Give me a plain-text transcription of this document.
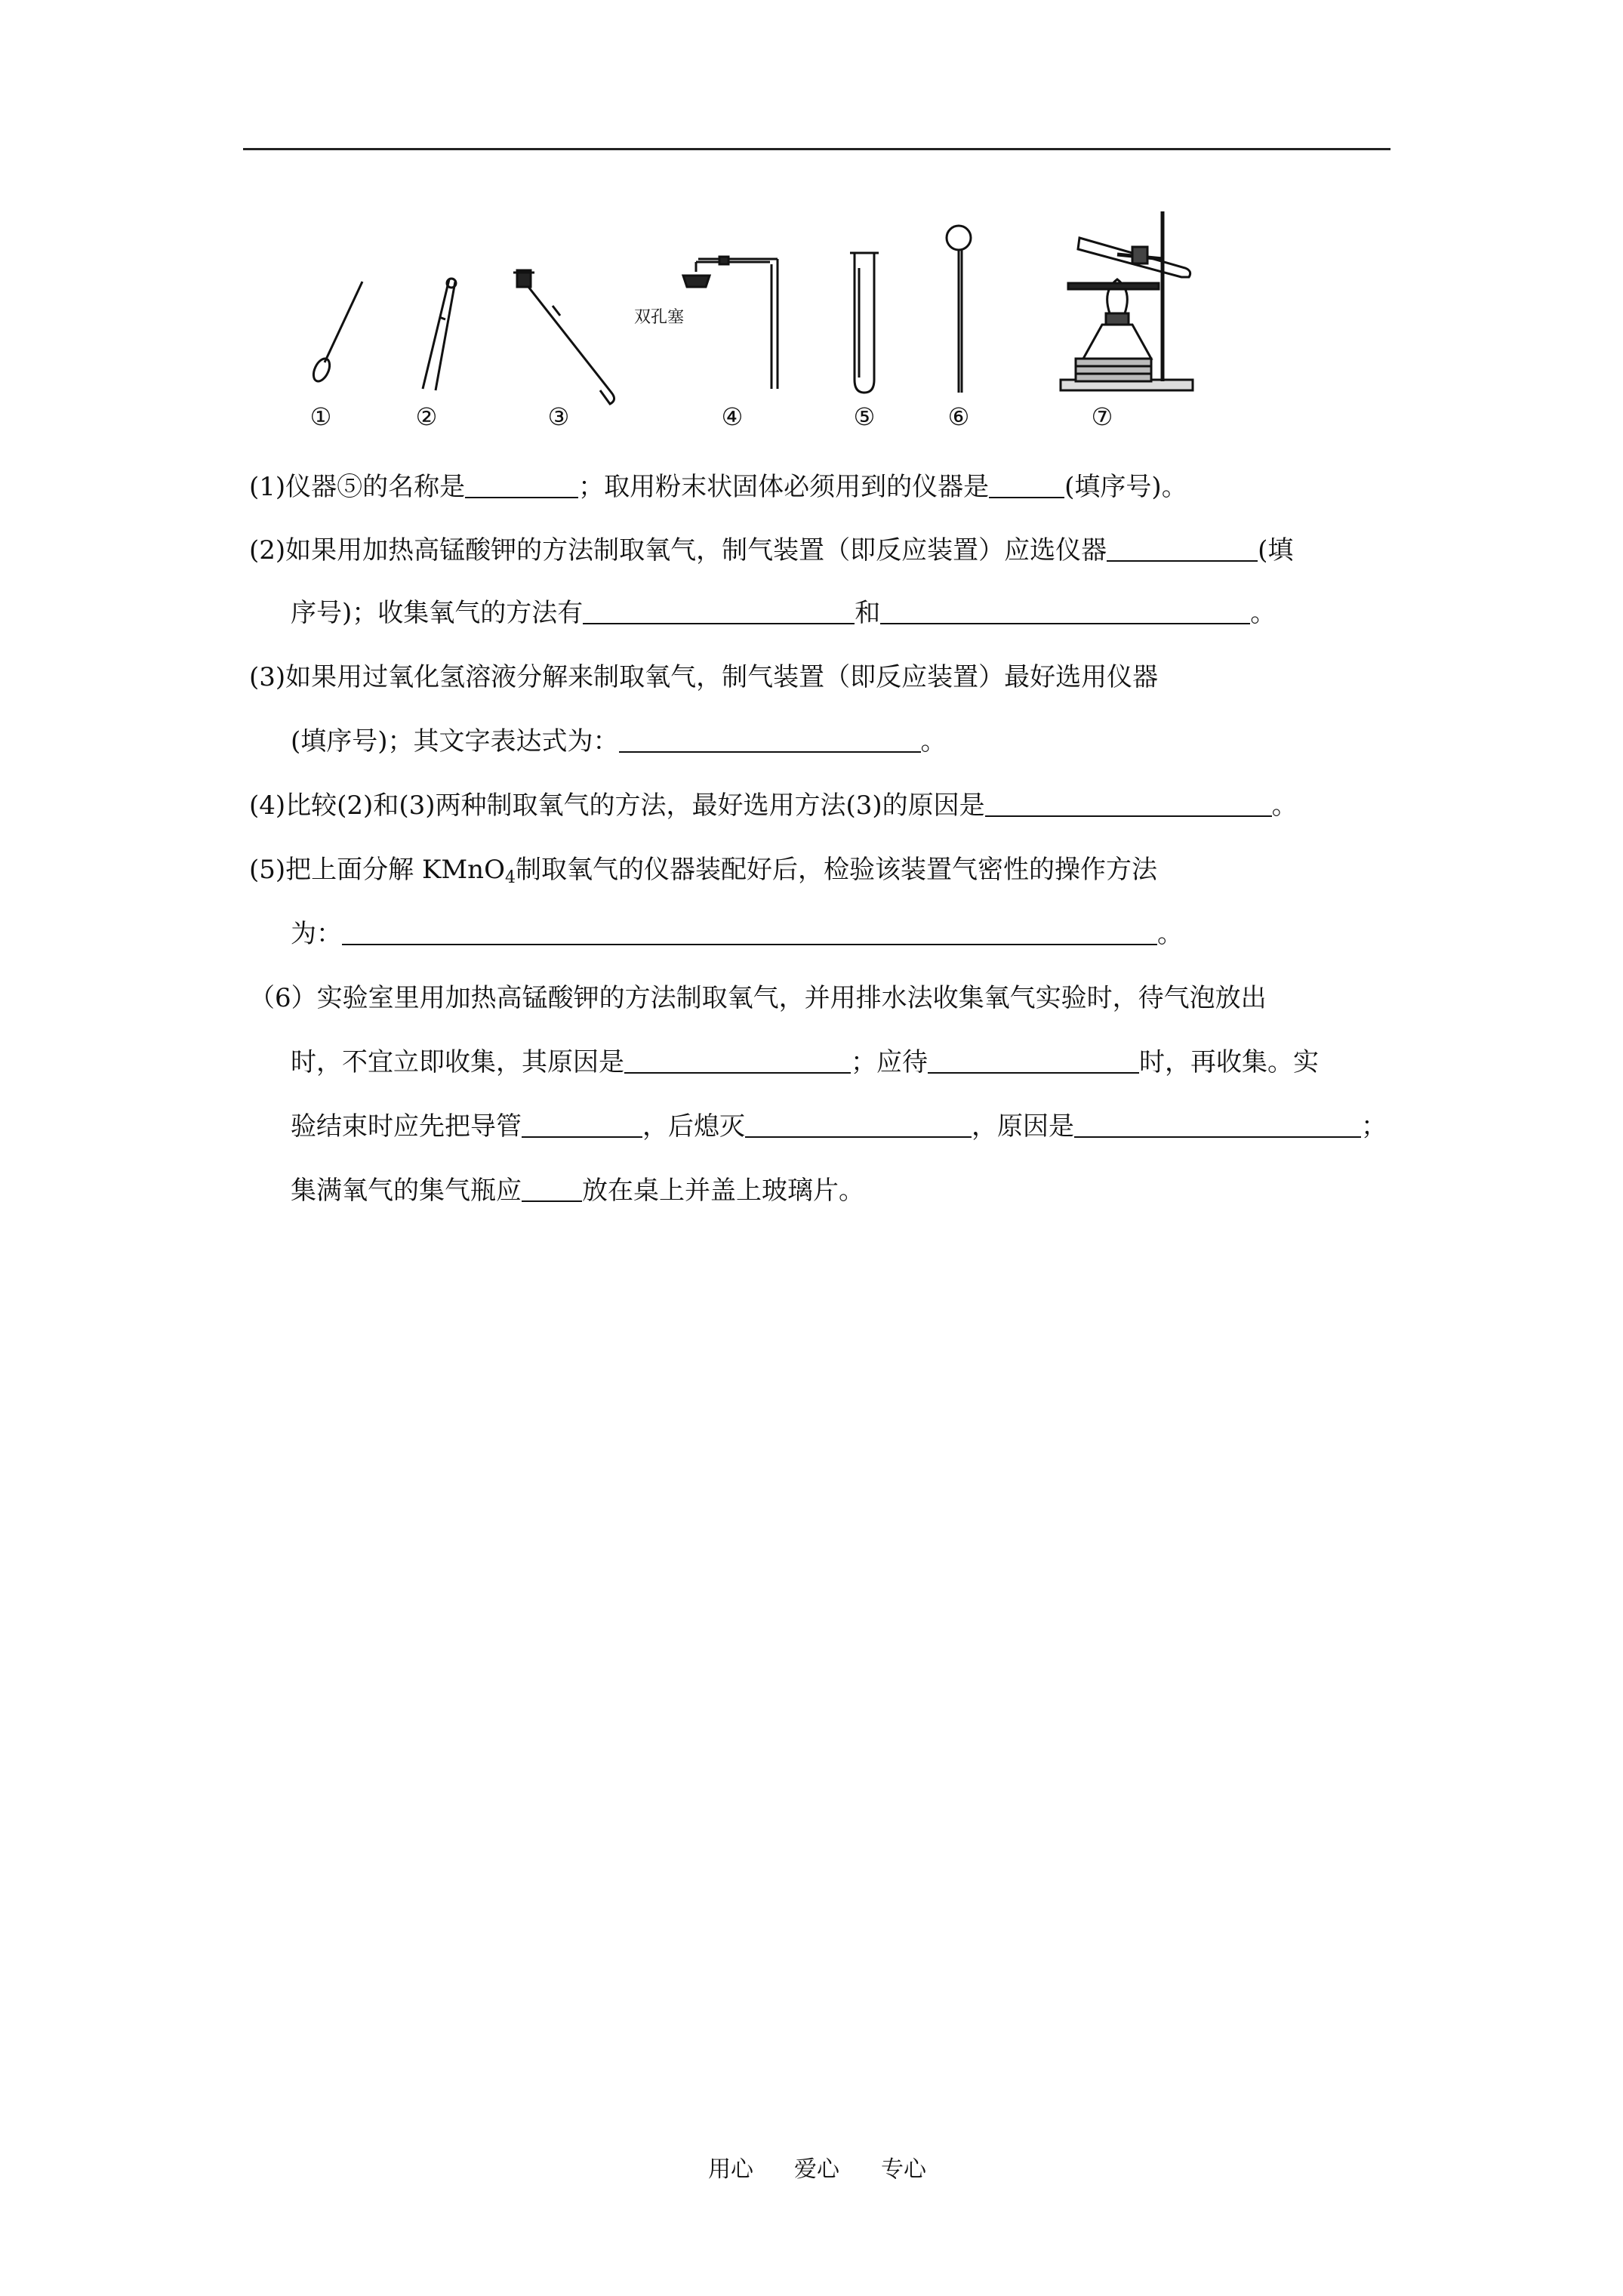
双孔塞
①	②	③	④	⑤	⑥	⑦
(1)仪器⑤的名称是	；取用粉末状固体必须用到的仪器是	(填序号)。
(2)如果用加热高锰酸钾的方法制取氧气，制气装置（即反应装置）应选仪器	(填
序号)；收集氧气的方法有	和	。
(3)如果用过氧化氢溶液分解来制取氧气，制气装置（即反应装置）最好选用仪器
(填序号)；其文字表达式为：	。
(4)比较(2)和(3)两种制取氧气的方法，最好选用方法(3)的原因是	。
(5)把上面分解 KMnO$_4$制取氧气的仪器装配好后，检验该装置气密性的操作方法
为：	。
（6）实验室里用加热高锰酸钾的方法制取氧气，并用排水法收集氧气实验时，待气泡放出
时，不宜立即收集，其原因是	；应待	时，再收集。实
验结束时应先把导管	，后熄灭	，原因是	；
集满氧气的集气瓶应 放在桌上并盖上玻璃片。
用心 爱心 专心
